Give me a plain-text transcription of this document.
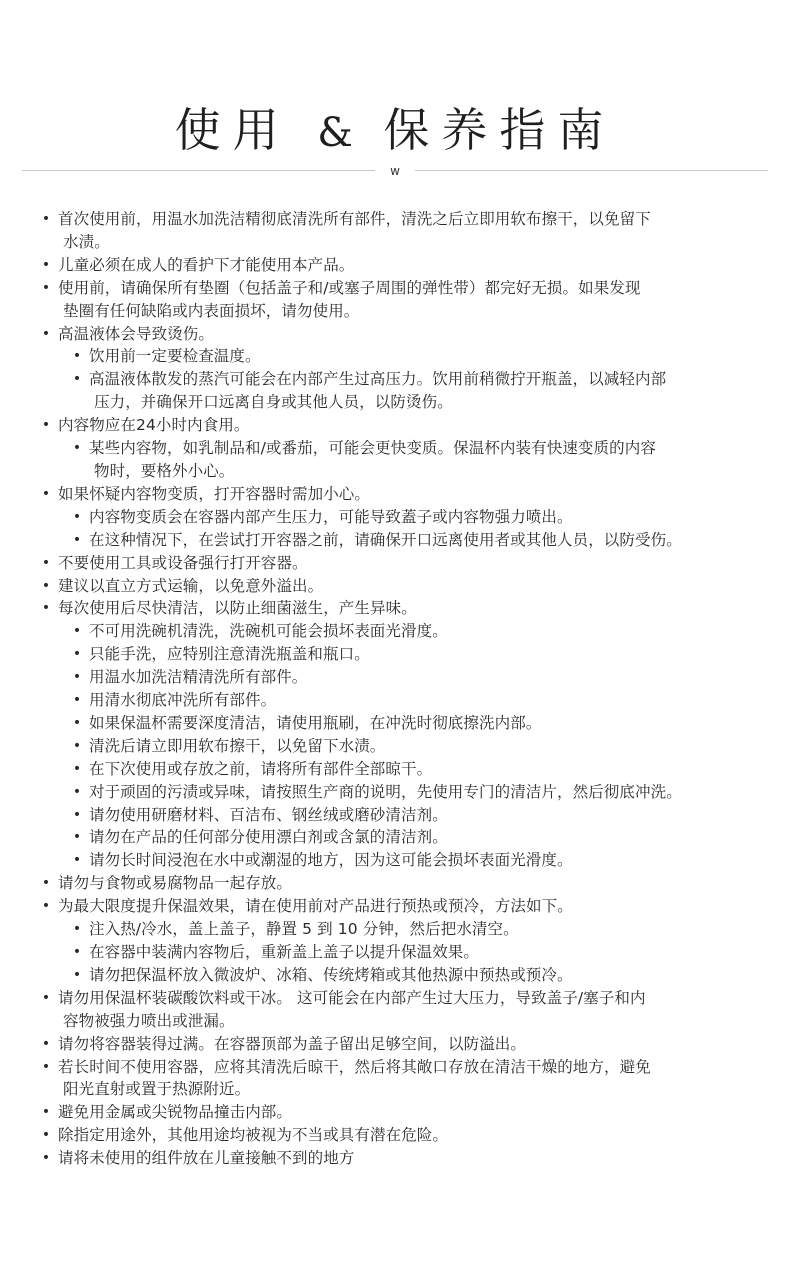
使用 & 保养指南
w
• 首次使用前，用温水加洗洁精彻底清洗所有部件，清洗之后立即用软布擦干，以免留下
水渍。
• 儿童必须在成人的看护下才能使用本产品。
• 使用前，请确保所有垫圈（包括盖子和/或塞子周围的弹性带）都完好无损。如果发现
垫圈有任何缺陷或内表面损坏，请勿使用。
• 高温液体会导致烫伤。
• 饮用前一定要检查温度。
• 高温液体散发的蒸汽可能会在内部产生过高压力。饮用前稍微拧开瓶盖，以减轻内部
压力，并确保开口远离自身或其他人员，以防烫伤。
• 内容物应在24小时内食用。
• 某些内容物，如乳制品和/或番茄，可能会更快变质。保温杯内装有快速变质的内容
物时，要格外小心。
• 如果怀疑内容物变质，打开容器时需加小心。
• 内容物变质会在容器内部产生压力，可能导致蓋子或内容物强力喷出。
• 在这种情况下，在尝试打开容器之前，请确保开口远离使用者或其他人员，以防受伤。
• 不要使用工具或设备强行打开容器。
• 建议以直立方式运输，以免意外溢出。
• 每次使用后尽快清洁，以防止细菌滋生，产生异味。
• 不可用洗碗机清洗，洗碗机可能会损坏表面光滑度。
• 只能手洗，应特别注意清洗瓶盖和瓶口。
• 用温水加洗洁精清洗所有部件。
• 用清水彻底冲洗所有部件。
• 如果保温杯需要深度清洁，请使用瓶刷，在冲洗时彻底擦洗内部。
• 清洗后请立即用软布擦干，以免留下水渍。
• 在下次使用或存放之前，请将所有部件全部晾干。
• 对于顽固的污渍或异味，请按照生产商的说明，先使用专门的清洁片，然后彻底冲洗。
• 请勿使用研磨材料、百洁布、钢丝绒或磨砂清洁剂。
• 请勿在产品的任何部分使用漂白剂或含氯的清洁剂。
• 请勿长时间浸泡在水中或潮湿的地方，因为这可能会损坏表面光滑度。
• 请勿与食物或易腐物品一起存放。
• 为最大限度提升保温效果，请在使用前对产品进行预热或预冷，方法如下。
• 注入热/冷水，盖上盖子，静置 5 到 10 分钟，然后把水清空。
• 在容器中装满内容物后，重新盖上盖子以提升保温效果。
• 请勿把保温杯放入微波炉、冰箱、传统烤箱或其他热源中预热或预冷。
• 请勿用保温杯装碳酸饮料或干冰。 这可能会在内部产生过大压力，导致盖子/塞子和内
容物被强力喷出或泄漏。
• 请勿将容器装得过满。在容器顶部为盖子留出足够空间，以防溢出。
• 若长时间不使用容器，应将其清洗后晾干，然后将其敞口存放在清洁干燥的地方，避免
阳光直射或置于热源附近。
• 避免用金属或尖锐物品撞击内部。
• 除指定用途外，其他用途均被视为不当或具有潜在危险。
• 请将未使用的组件放在儿童接触不到的地方
